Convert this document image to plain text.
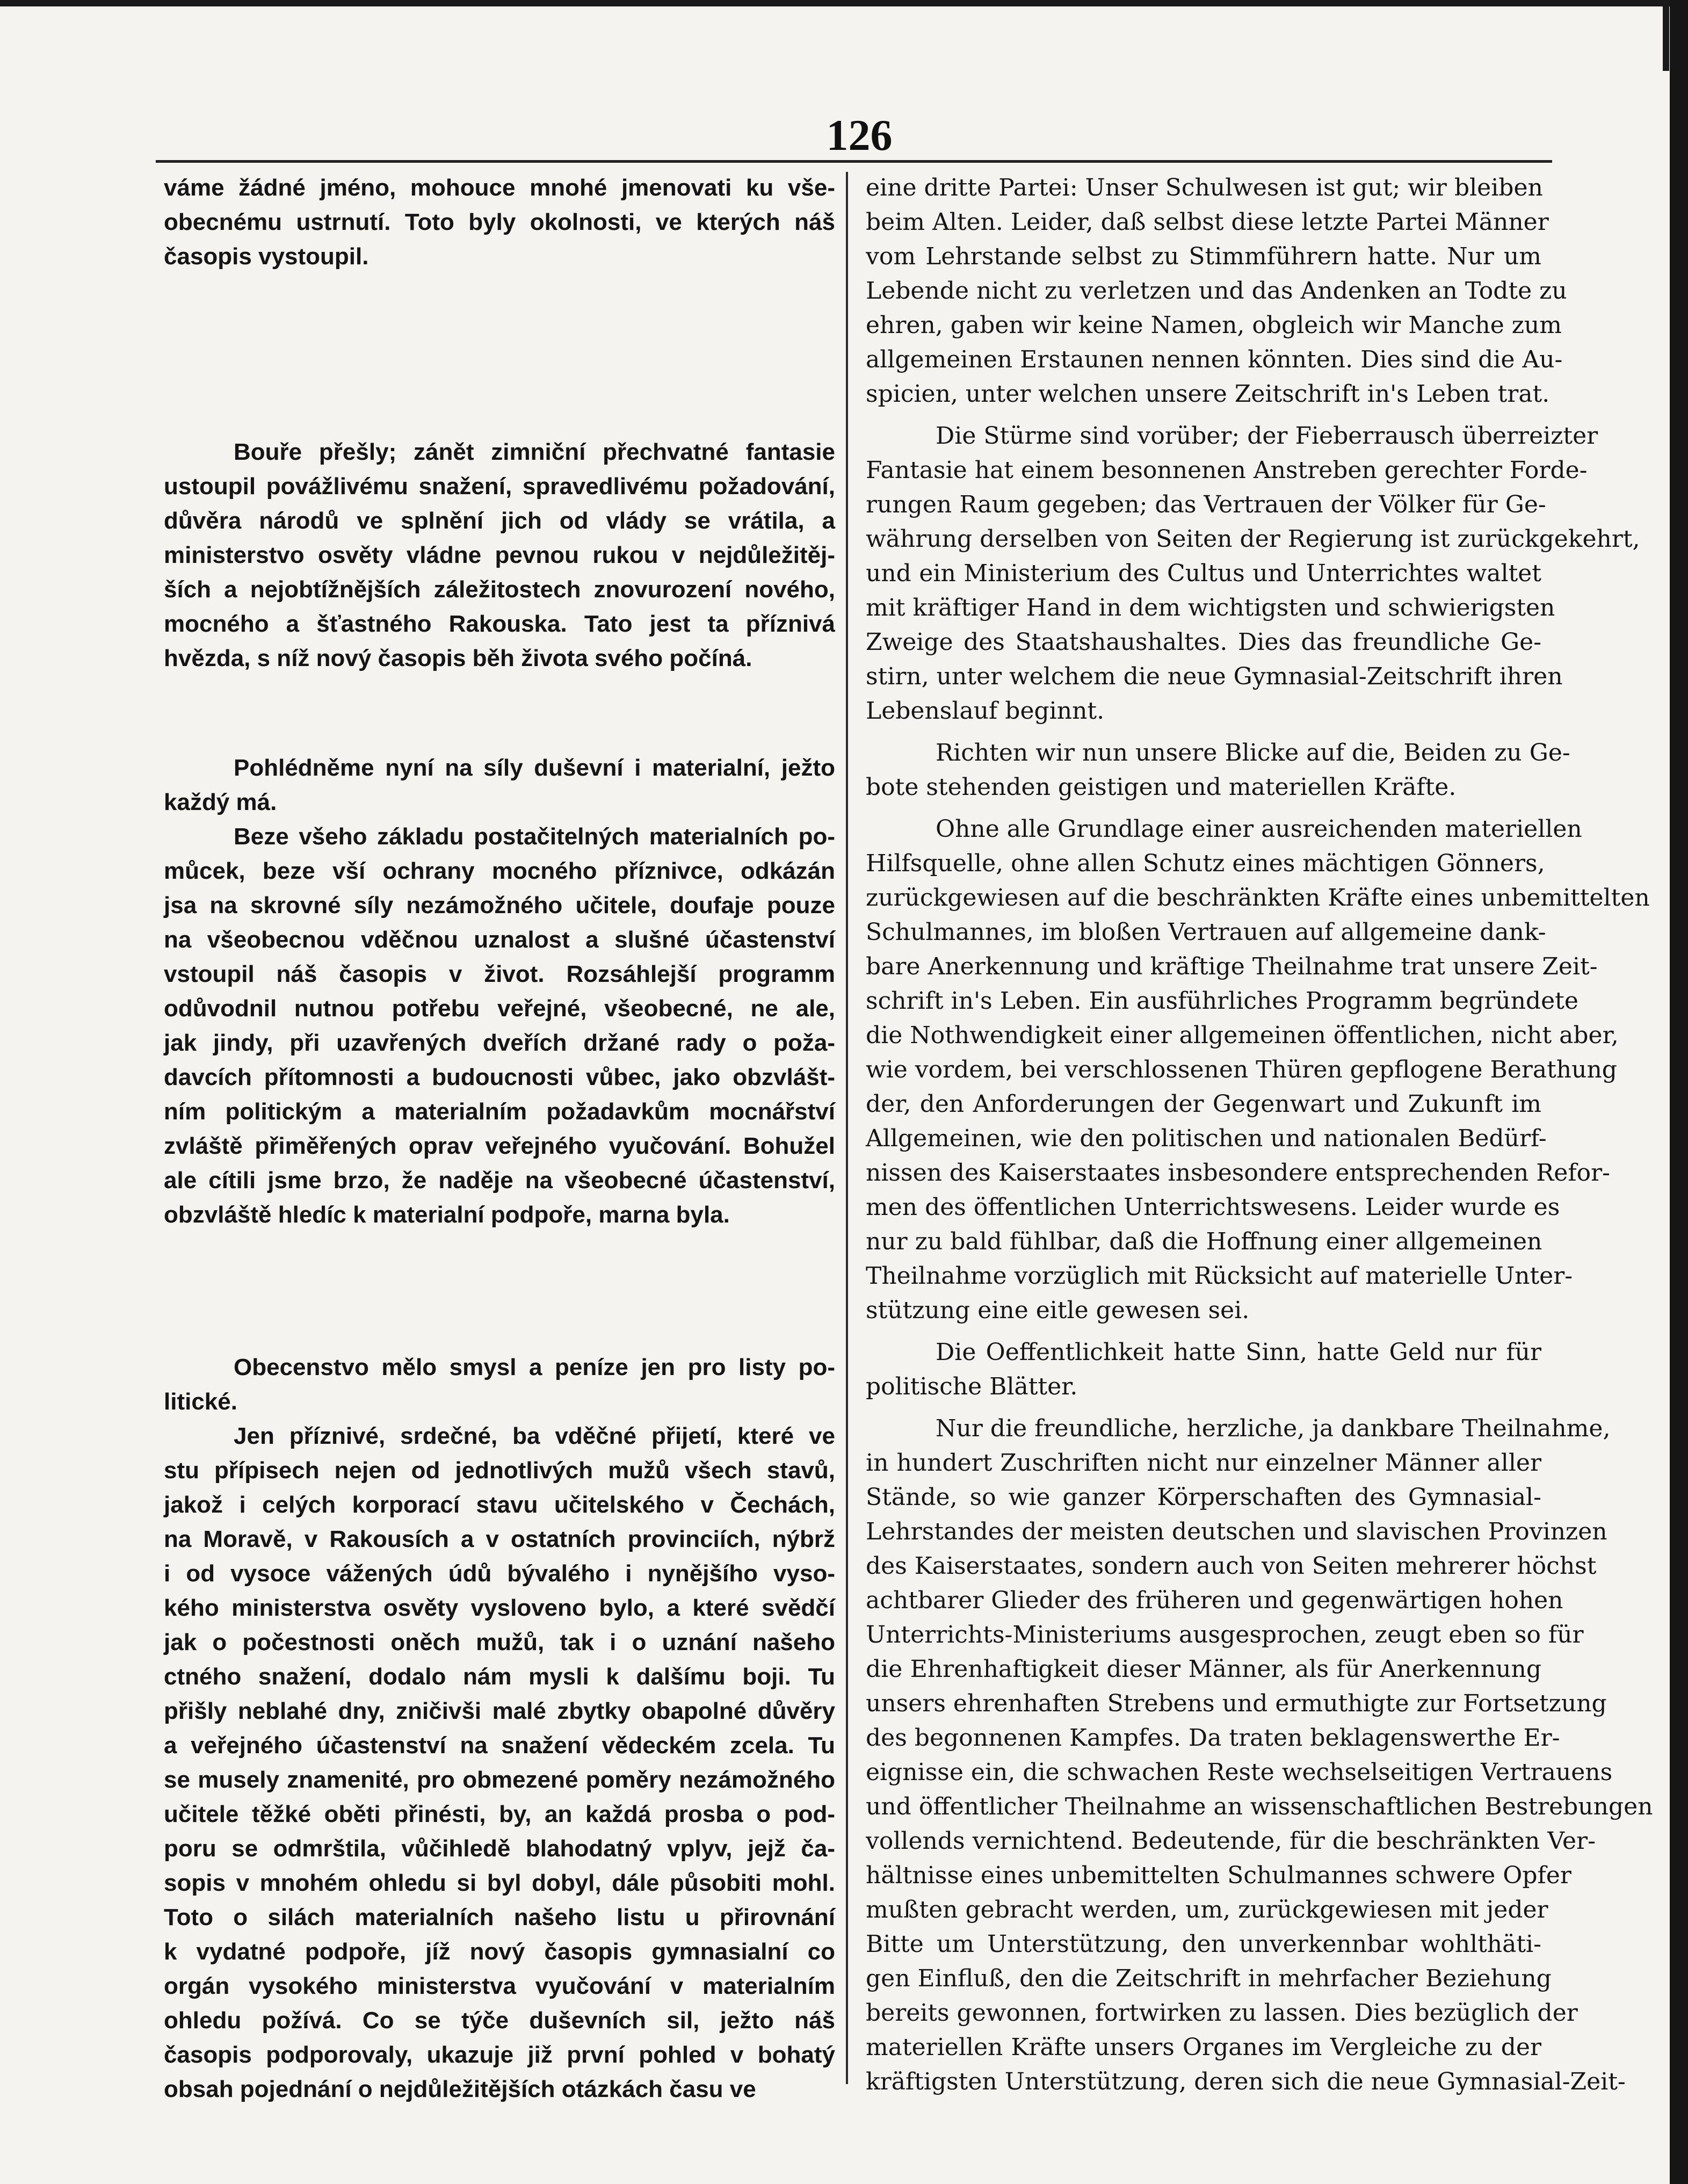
126
váme žádné jméno, mohouce mnohé jmenovati ku vše-
obecnému ustrnutí. Toto byly okolnosti, ve kterých náš
časopis vystoupil.
Bouře přešly; zánět zimniční přechvatné fantasie
ustoupil povážlivému snažení, spravedlivému požadování,
důvěra národů ve splnění jich od vlády se vrátila, a
ministerstvo osvěty vládne pevnou rukou v nejdůležitěj-
ších a nejobtížnějších záležitostech znovurození nového,
mocného a šťastného Rakouska. Tato jest ta příznivá
hvězda, s níž nový časopis běh života svého počíná.
Pohlédněme nyní na síly duševní i materialní, ježto
každý má.
Beze všeho základu postačitelných materialních po-
můcek, beze vší ochrany mocného příznivce, odkázán
jsa na skrovné síly nezámožného učitele, doufaje pouze
na všeobecnou vděčnou uznalost a slušné účastenství
vstoupil náš časopis v život. Rozsáhlejší programm
odůvodnil nutnou potřebu veřejné, všeobecné, ne ale,
jak jindy, při uzavřených dveřích držané rady o poža-
davcích přítomnosti a budoucnosti vůbec, jako obzvlášt-
ním politickým a materialním požadavkům mocnářství
zvláště přiměřených oprav veřejného vyučování. Bohužel
ale cítili jsme brzo, že naděje na všeobecné účastenství,
obzvláště hledíc k materialní podpoře, marna byla.
Obecenstvo mělo smysl a peníze jen pro listy po-
litické.
Jen příznivé, srdečné, ba vděčné přijetí, které ve
stu přípisech nejen od jednotlivých mužů všech stavů,
jakož i celých korporací stavu učitelského v Čechách,
na Moravě, v Rakousích a v ostatních provinciích, nýbrž
i od vysoce vážených údů bývalého i nynějšího vyso-
kého ministerstva osvěty vysloveno bylo, a které svědčí
jak o počestnosti oněch mužů, tak i o uznání našeho
ctného snažení, dodalo nám mysli k dalšímu boji. Tu
přišly neblahé dny, zničivši malé zbytky obapolné důvěry
a veřejného účastenství na snažení vědeckém zcela. Tu
se musely znamenité, pro obmezené poměry nezámožného
učitele těžké oběti přinésti, by, an každá prosba o pod-
poru se odmrštila, vůčihledě blahodatný vplyv, jejž ča-
sopis v mnohém ohledu si byl dobyl, dále působiti mohl.
Toto o silách materialních našeho listu u přirovnání
k vydatné podpoře, jíž nový časopis gymnasialní co
orgán vysokého ministerstva vyučování v materialním
ohledu požívá. Co se týče duševních sil, ježto náš
časopis podporovaly, ukazuje již první pohled v bohatý
obsah pojednání o nejdůležitějších otázkách času ve
eine dritte Partei: Unser Schulwesen ist gut; wir bleiben
beim Alten. Leider, daß selbst diese letzte Partei Männer
vom Lehrstande selbst zu Stimmführern hatte. Nur um
Lebende nicht zu verletzen und das Andenken an Todte zu
ehren, gaben wir keine Namen, obgleich wir Manche zum
allgemeinen Erstaunen nennen könnten. Dies sind die Au-
spicien, unter welchen unsere Zeitschrift in's Leben trat.
Die Stürme sind vorüber; der Fieberrausch überreizter
Fantasie hat einem besonnenen Anstreben gerechter Forde-
rungen Raum gegeben; das Vertrauen der Völker für Ge-
währung derselben von Seiten der Regierung ist zurückgekehrt,
und ein Ministerium des Cultus und Unterrichtes waltet
mit kräftiger Hand in dem wichtigsten und schwierigsten
Zweige des Staatshaushaltes. Dies das freundliche Ge-
stirn, unter welchem die neue Gymnasial-Zeitschrift ihren
Lebenslauf beginnt.
Richten wir nun unsere Blicke auf die, Beiden zu Ge-
bote stehenden geistigen und materiellen Kräfte.
Ohne alle Grundlage einer ausreichenden materiellen
Hilfsquelle, ohne allen Schutz eines mächtigen Gönners,
zurückgewiesen auf die beschränkten Kräfte eines unbemittelten
Schulmannes, im bloßen Vertrauen auf allgemeine dank-
bare Anerkennung und kräftige Theilnahme trat unsere Zeit-
schrift in's Leben. Ein ausführliches Programm begründete
die Nothwendigkeit einer allgemeinen öffentlichen, nicht aber,
wie vordem, bei verschlossenen Thüren gepflogene Berathung
der, den Anforderungen der Gegenwart und Zukunft im
Allgemeinen, wie den politischen und nationalen Bedürf-
nissen des Kaiserstaates insbesondere entsprechenden Refor-
men des öffentlichen Unterrichtswesens. Leider wurde es
nur zu bald fühlbar, daß die Hoffnung einer allgemeinen
Theilnahme vorzüglich mit Rücksicht auf materielle Unter-
stützung eine eitle gewesen sei.
Die Oeffentlichkeit hatte Sinn, hatte Geld nur für
politische Blätter.
Nur die freundliche, herzliche, ja dankbare Theilnahme,
in hundert Zuschriften nicht nur einzelner Männer aller
Stände, so wie ganzer Körperschaften des Gymnasial-
Lehrstandes der meisten deutschen und slavischen Provinzen
des Kaiserstaates, sondern auch von Seiten mehrerer höchst
achtbarer Glieder des früheren und gegenwärtigen hohen
Unterrichts-Ministeriums ausgesprochen, zeugt eben so für
die Ehrenhaftigkeit dieser Männer, als für Anerkennung
unsers ehrenhaften Strebens und ermuthigte zur Fortsetzung
des begonnenen Kampfes. Da traten beklagenswerthe Er-
eignisse ein, die schwachen Reste wechselseitigen Vertrauens
und öffentlicher Theilnahme an wissenschaftlichen Bestrebungen
vollends vernichtend. Bedeutende, für die beschränkten Ver-
hältnisse eines unbemittelten Schulmannes schwere Opfer
mußten gebracht werden, um, zurückgewiesen mit jeder
Bitte um Unterstützung, den unverkennbar wohlthäti-
gen Einfluß, den die Zeitschrift in mehrfacher Beziehung
bereits gewonnen, fortwirken zu lassen. Dies bezüglich der
materiellen Kräfte unsers Organes im Vergleiche zu der
kräftigsten Unterstützung, deren sich die neue Gymnasial-Zeit-
